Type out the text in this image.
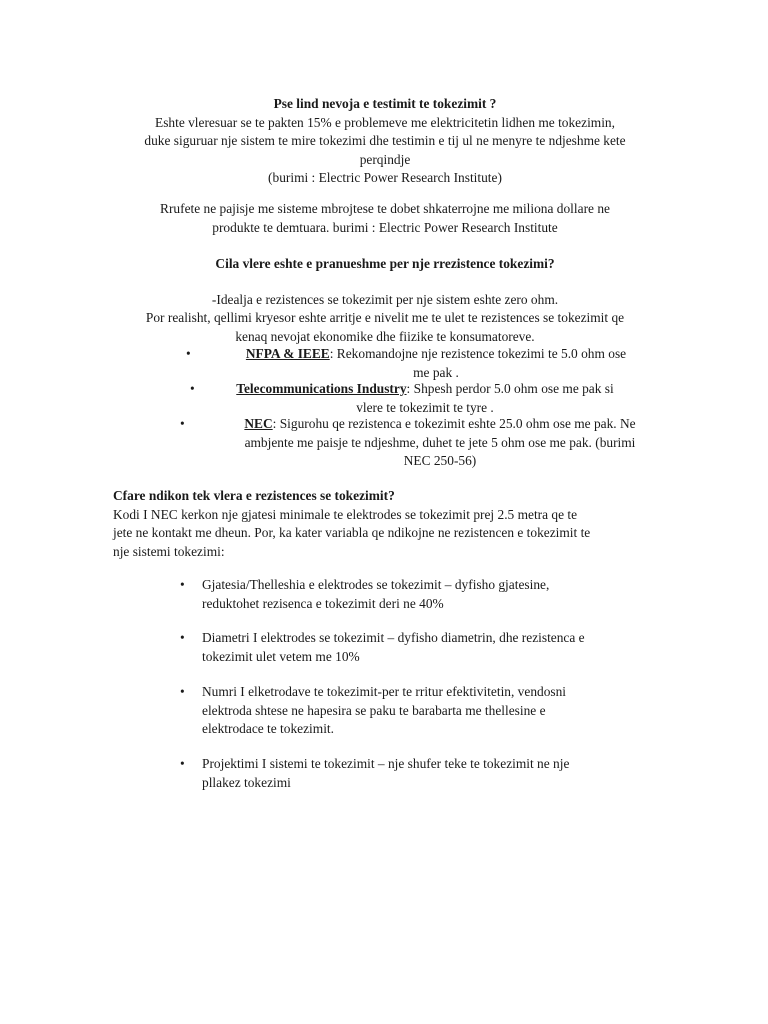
Pse lind nevoja e testimit te tokezimit ?

Eshte vleresuar se te pakten 15% e problemeve me elektricitetin lidhen me tokezimin,

duke siguruar nje sistem te mire tokezimi dhe testimin e tij ul ne menyre te ndjeshme kete

perqindje

(burimi : Electric Power Research Institute)

Rrufete ne pajisje me sisteme mbrojtese te dobet shkaterrojne me miliona dollare ne

produkte te demtuara. burimi : Electric Power Research Institute

Cila vlere eshte e pranueshme per nje rrezistence tokezimi?

-Idealja e rezistences se tokezimit per nje sistem eshte zero ohm.

Por realisht, qellimi kryesor eshte arritje e nivelit me te ulet te rezistences se tokezimit qe

kenaq nevojat ekonomike dhe fiizike te konsumatoreve.

•	NFPA & IEEE: Rekomandojne nje rezistence tokezimi te 5.0 ohm ose
me pak .
•	Telecommunications Industry: Shpesh perdor 5.0 ohm ose me pak si
vlere te tokezimit te tyre .
•	NEC: Sigurohu qe rezistenca e tokezimit eshte 25.0 ohm ose me pak. Ne
ambjente me paisje te ndjeshme, duhet te jete 5 ohm ose me pak. (burimi
NEC 250-56)
Cfare ndikon tek vlera e rezistences se tokezimit?

Kodi I NEC kerkon nje gjatesi minimale te elektrodes se tokezimit prej 2.5 metra qe te

jete ne kontakt me dheun. Por, ka kater variabla qe ndikojne ne rezistencen e tokezimit te

nje sistemi tokezimi:

•	Gjatesia/Thelleshia e elektrodes se tokezimit – dyfisho gjatesine,
reduktohet rezisenca e tokezimit deri ne 40%
•	Diametri I elektrodes se tokezimit – dyfisho diametrin, dhe rezistenca e
tokezimit ulet vetem me 10%
•	Numri I elketrodave te tokezimit-per te rritur efektivitetin, vendosni
elektroda shtese ne hapesira se paku te barabarta me thellesine e
elektrodace te tokezimit.
•	Projektimi I sistemi te tokezimit – nje shufer teke te tokezimit ne nje
pllakez tokezimi
